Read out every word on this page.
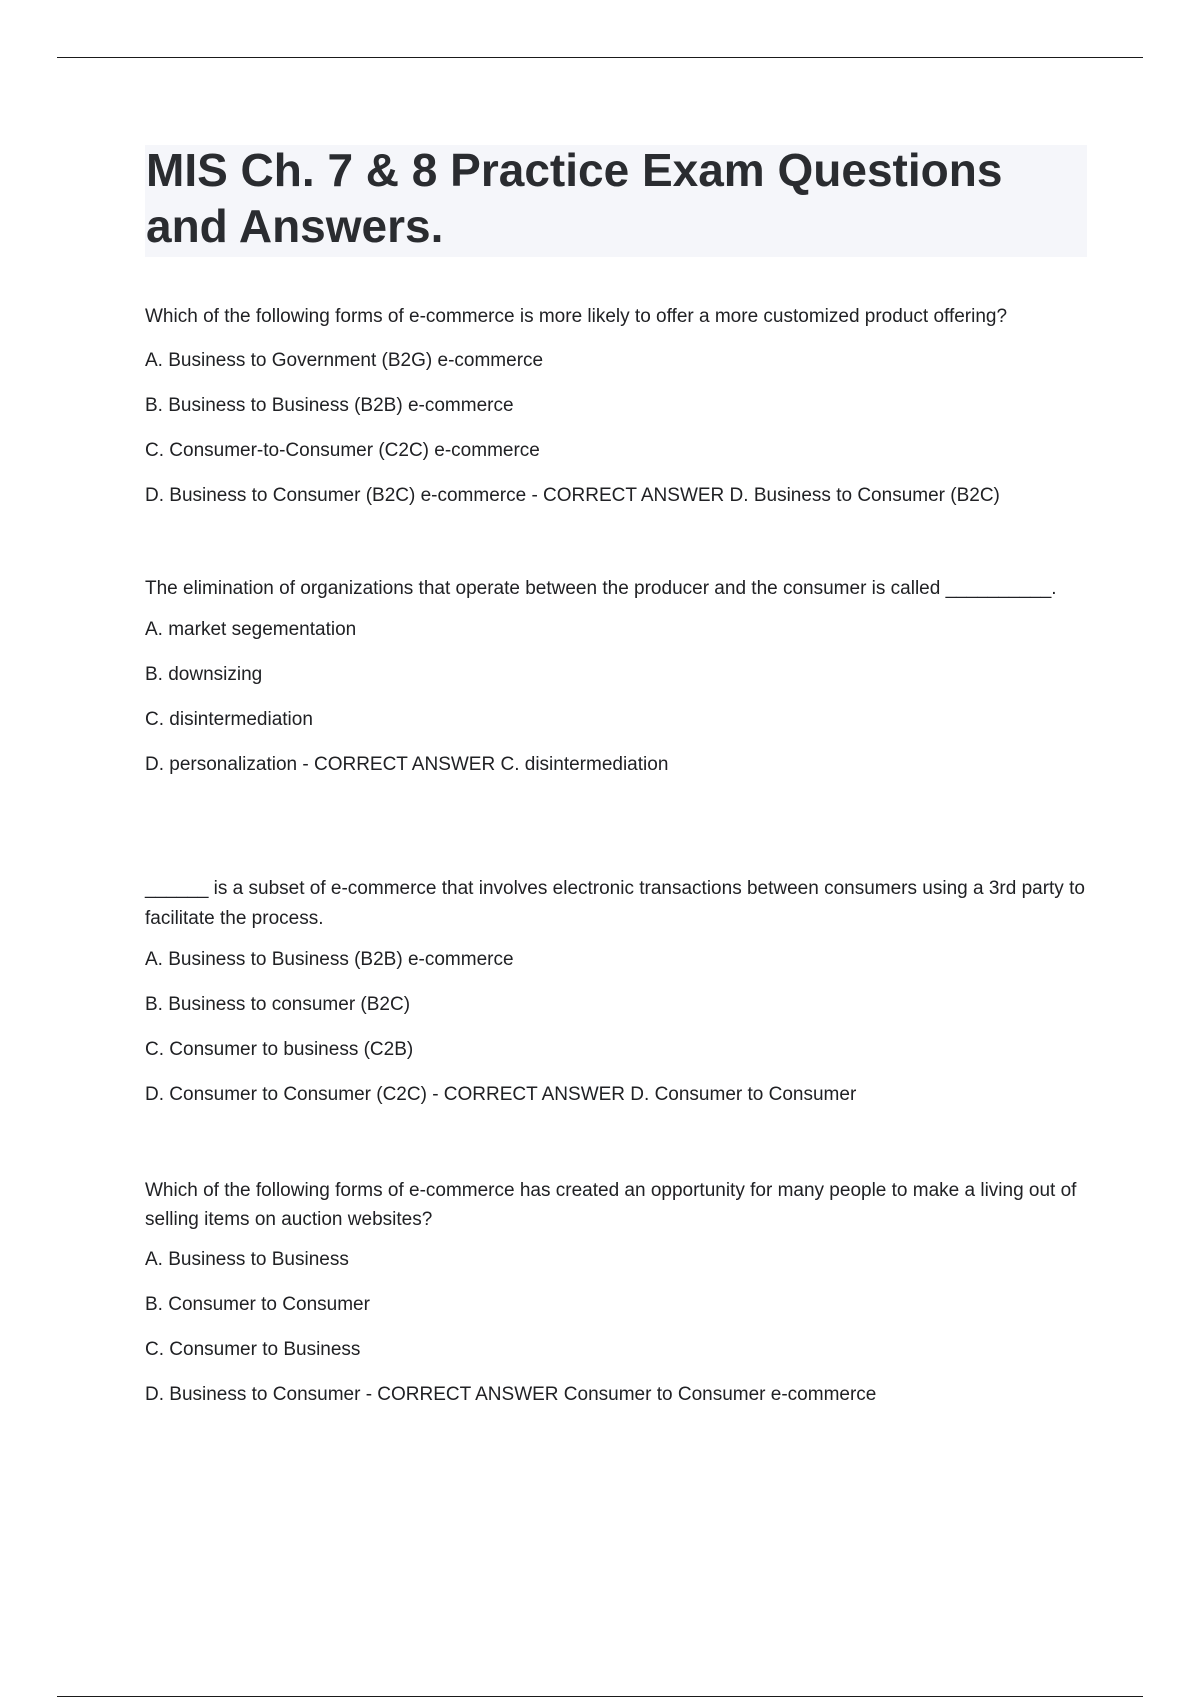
MIS Ch. 7 & 8 Practice Exam Questions and Answers.

Which of the following forms of e-commerce is more likely to offer a more customized product offering?

A. Business to Government (B2G) e-commerce
B. Business to Business (B2B) e-commerce
C. Consumer-to-Consumer (C2C) e-commerce
D. Business to Consumer (B2C) e-commerce - CORRECT ANSWER D. Business to Consumer (B2C)

The elimination of organizations that operate between the producer and the consumer is called __________.

A. market segementation
B. downsizing
C. disintermediation
D. personalization - CORRECT ANSWER C. disintermediation

______ is a subset of e-commerce that involves electronic transactions between consumers using a 3rd party to facilitate the process.

A. Business to Business (B2B) e-commerce
B. Business to consumer (B2C)
C. Consumer to business (C2B)
D. Consumer to Consumer (C2C) - CORRECT ANSWER D. Consumer to Consumer

Which of the following forms of e-commerce has created an opportunity for many people to make a living out of selling items on auction websites?

A. Business to Business
B. Consumer to Consumer
C. Consumer to Business
D. Business to Consumer - CORRECT ANSWER Consumer to Consumer e-commerce
